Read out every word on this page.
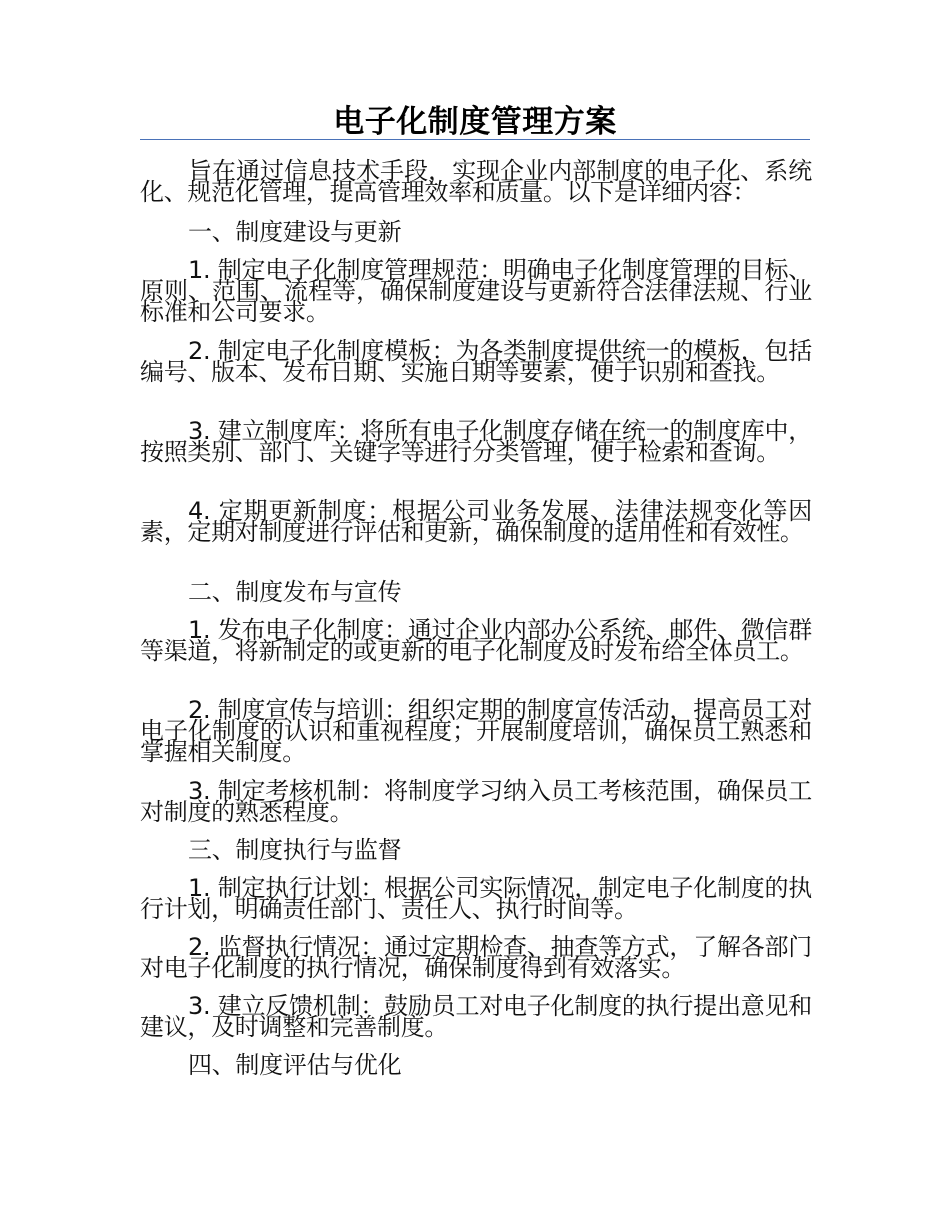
电子化制度管理方案

旨在通过信息技术手段，实现企业内部制度的电子化、系统化、规范化管理，提高管理效率和质量。以下是详细内容：

一、制度建设与更新

1. 制定电子化制度管理规范：明确电子化制度管理的目标、原则、范围、流程等，确保制度建设与更新符合法律法规、行业标准和公司要求。

2. 制定电子化制度模板：为各类制度提供统一的模板，包括编号、版本、发布日期、实施日期等要素，便于识别和查找。

3. 建立制度库：将所有电子化制度存储在统一的制度库中，按照类别、部门、关键字等进行分类管理，便于检索和查询。

4. 定期更新制度：根据公司业务发展、法律法规变化等因素，定期对制度进行评估和更新，确保制度的适用性和有效性。

二、制度发布与宣传

1. 发布电子化制度：通过企业内部办公系统、邮件、微信群等渠道，将新制定的或更新的电子化制度及时发布给全体员工。

2. 制度宣传与培训：组织定期的制度宣传活动，提高员工对电子化制度的认识和重视程度；开展制度培训，确保员工熟悉和掌握相关制度。

3. 制定考核机制：将制度学习纳入员工考核范围，确保员工对制度的熟悉程度。

三、制度执行与监督

1. 制定执行计划：根据公司实际情况，制定电子化制度的执行计划，明确责任部门、责任人、执行时间等。

2. 监督执行情况：通过定期检查、抽查等方式，了解各部门对电子化制度的执行情况，确保制度得到有效落实。

3. 建立反馈机制：鼓励员工对电子化制度的执行提出意见和建议，及时调整和完善制度。

四、制度评估与优化
